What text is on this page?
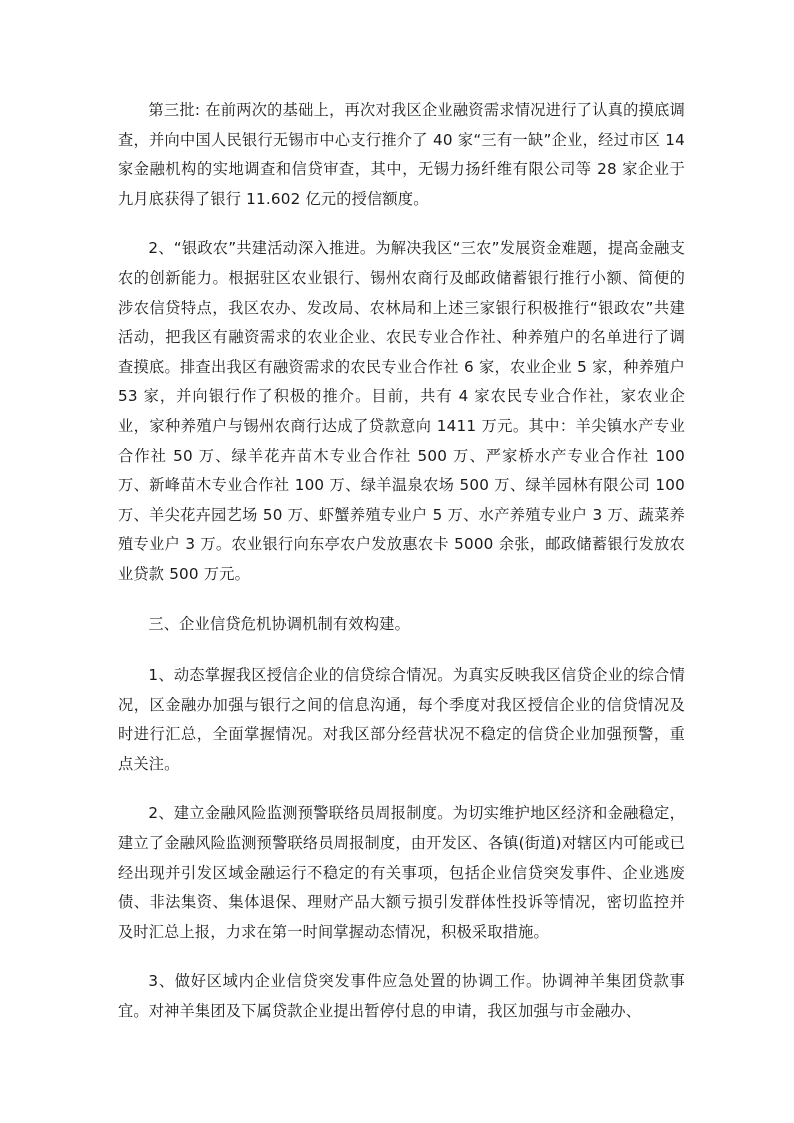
第三批: 在前两次的基础上，再次对我区企业融资需求情况进行了认真的摸底调查，并向中国人民银行无锡市中心支行推介了 40 家“三有一缺”企业，经过市区 14 家金融机构的实地调查和信贷审查，其中，无锡力扬纤维有限公司等 28 家企业于九月底获得了银行 11.602 亿元的授信额度。

2、“银政农”共建活动深入推进。为解决我区“三农”发展资金难题，提高金融支农的创新能力。根据驻区农业银行、锡州农商行及邮政储蓄银行推行小额、简便的涉农信贷特点，我区农办、发改局、农林局和上述三家银行积极推行“银政农”共建活动，把我区有融资需求的农业企业、农民专业合作社、种养殖户的名单进行了调查摸底。排查出我区有融资需求的农民专业合作社 6 家，农业企业 5 家，种养殖户 53 家，并向银行作了积极的推介。目前，共有 4 家农民专业合作社，家农业企业，家种养殖户与锡州农商行达成了贷款意向 1411 万元。其中：羊尖镇水产专业合作社 50 万、绿羊花卉苗木专业合作社 500 万、严家桥水产专业合作社 100 万、新峰苗木专业合作社 100 万、绿羊温泉农场 500 万、绿羊园林有限公司 100 万、羊尖花卉园艺场 50 万、虾蟹养殖专业户 5 万、水产养殖专业户 3 万、蔬菜养殖专业户 3 万。农业银行向东亭农户发放惠农卡 5000 余张，邮政储蓄银行发放农业贷款 500 万元。

三、企业信贷危机协调机制有效构建。

1、动态掌握我区授信企业的信贷综合情况。为真实反映我区信贷企业的综合情况，区金融办加强与银行之间的信息沟通，每个季度对我区授信企业的信贷情况及时进行汇总，全面掌握情况。对我区部分经营状况不稳定的信贷企业加强预警，重点关注。

2、建立金融风险监测预警联络员周报制度。为切实维护地区经济和金融稳定，建立了金融风险监测预警联络员周报制度，由开发区、各镇(街道)对辖区内可能或已经出现并引发区域金融运行不稳定的有关事项，包括企业信贷突发事件、企业逃废债、非法集资、集体退保、理财产品大额亏损引发群体性投诉等情况，密切监控并及时汇总上报，力求在第一时间掌握动态情况，积极采取措施。

3、做好区域内企业信贷突发事件应急处置的协调工作。协调神羊集团贷款事宜。对神羊集团及下属贷款企业提出暂停付息的申请，我区加强与市金融办、
